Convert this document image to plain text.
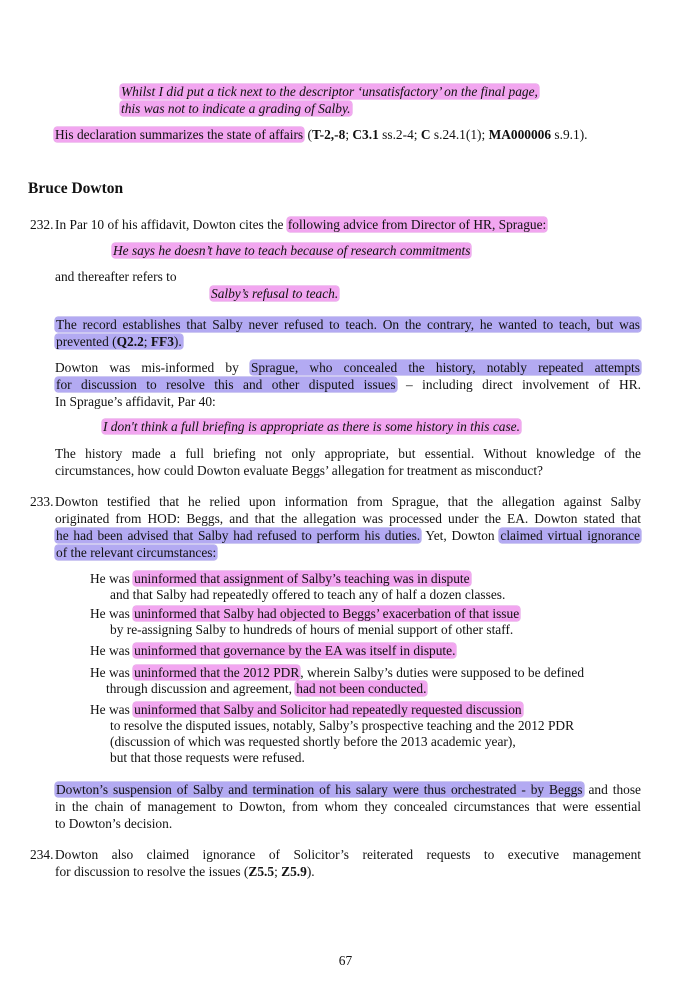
Whilst I did put a tick next to the descriptor ‘unsatisfactory’ on the final page,
this was not to indicate a grading of Salby.
His declaration summarizes the state of affairs (T-2,-8; C3.1 ss.2-4; C s.24.1(1); MA000006 s.9.1).
Bruce Dowton
232. In Par 10 of his affidavit, Dowton cites the following advice from Director of HR, Sprague:
He says he doesn’t have to teach because of research commitments
and thereafter refers to
Salby’s refusal to teach.
The record establishes that Salby never refused to teach. On the contrary, he wanted to teach, but was
prevented (Q2.2; FF3).
Dowton was mis-informed by Sprague, who concealed the history, notably repeated attempts
for discussion to resolve this and other disputed issues – including direct involvement of HR.
In Sprague’s affidavit, Par 40:
I don't think a full briefing is appropriate as there is some history in this case.
The history made a full briefing not only appropriate, but essential. Without knowledge of the
circumstances, how could Dowton evaluate Beggs’ allegation for treatment as misconduct?
233. Dowton testified that he relied upon information from Sprague, that the allegation against Salby
originated from HOD: Beggs, and that the allegation was processed under the EA. Dowton stated that
he had been advised that Salby had refused to perform his duties. Yet, Dowton claimed virtual ignorance
of the relevant circumstances:
He was uninformed that assignment of Salby’s teaching was in dispute
and that Salby had repeatedly offered to teach any of half a dozen classes.
He was uninformed that Salby had objected to Beggs’ exacerbation of that issue
by re-assigning Salby to hundreds of hours of menial support of other staff.
He was uninformed that governance by the EA was itself in dispute.
He was uninformed that the 2012 PDR, wherein Salby’s duties were supposed to be defined
through discussion and agreement, had not been conducted.
He was uninformed that Salby and Solicitor had repeatedly requested discussion
to resolve the disputed issues, notably, Salby’s prospective teaching and the 2012 PDR
(discussion of which was requested shortly before the 2013 academic year),
but that those requests were refused.
Dowton’s suspension of Salby and termination of his salary were thus orchestrated - by Beggs and those
in the chain of management to Dowton, from whom they concealed circumstances that were essential
to Dowton’s decision.
234. Dowton also claimed ignorance of Solicitor’s reiterated requests to executive management
for discussion to resolve the issues (Z5.5; Z5.9).
67
